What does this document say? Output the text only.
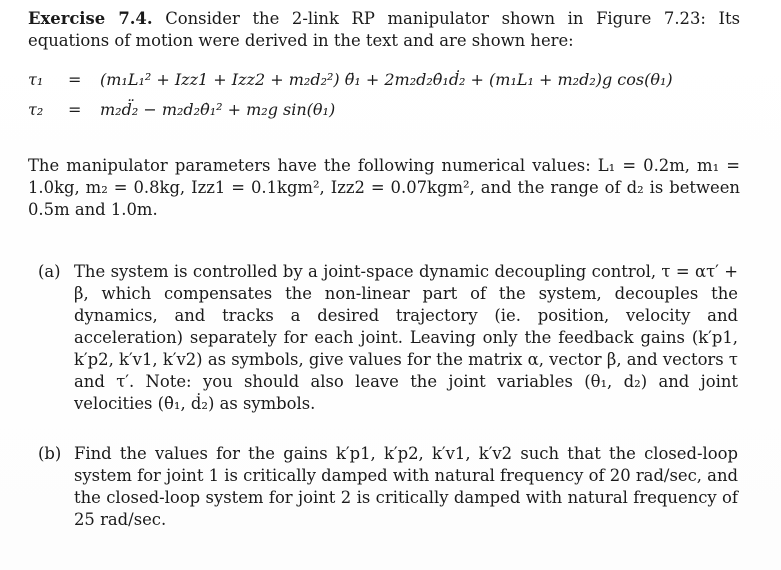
Exercise 7.4. Consider the 2-link RP manipulator shown in Figure 7.23: Its equations of motion were derived in the text and are shown here:
τ₁ = (m₁L₁² + Izz1 + Izz2 + m₂d₂²) θ̈₁ + 2m₂d₂θ̇₁ḋ₂ + (m₁L₁ + m₂d₂)g cos(θ₁)
τ₂ = m₂d̈₂ − m₂d₂θ̇₁² + m₂g sin(θ₁)
The manipulator parameters have the following numerical values: L₁ = 0.2m, m₁ = 1.0kg, m₂ = 0.8kg, Izz1 = 0.1kgm², Izz2 = 0.07kgm², and the range of d₂ is between 0.5m and 1.0m.
(a) The system is controlled by a joint-space dynamic decoupling control, τ = ατ′ + β, which compensates the non-linear part of the system, decouples the dynamics, and tracks a desired trajectory (ie. position, velocity and acceleration) separately for each joint. Leaving only the feedback gains (k′p1, k′p2, k′v1, k′v2) as symbols, give values for the matrix α, vector β, and vectors τ and τ′. Note: you should also leave the joint variables (θ₁, d₂) and joint velocities (θ̇₁, ḋ₂) as symbols.
(b) Find the values for the gains k′p1, k′p2, k′v1, k′v2 such that the closed-loop system for joint 1 is critically damped with natural frequency of 20 rad/sec, and the closed-loop system for joint 2 is critically damped with natural frequency of 25 rad/sec.
